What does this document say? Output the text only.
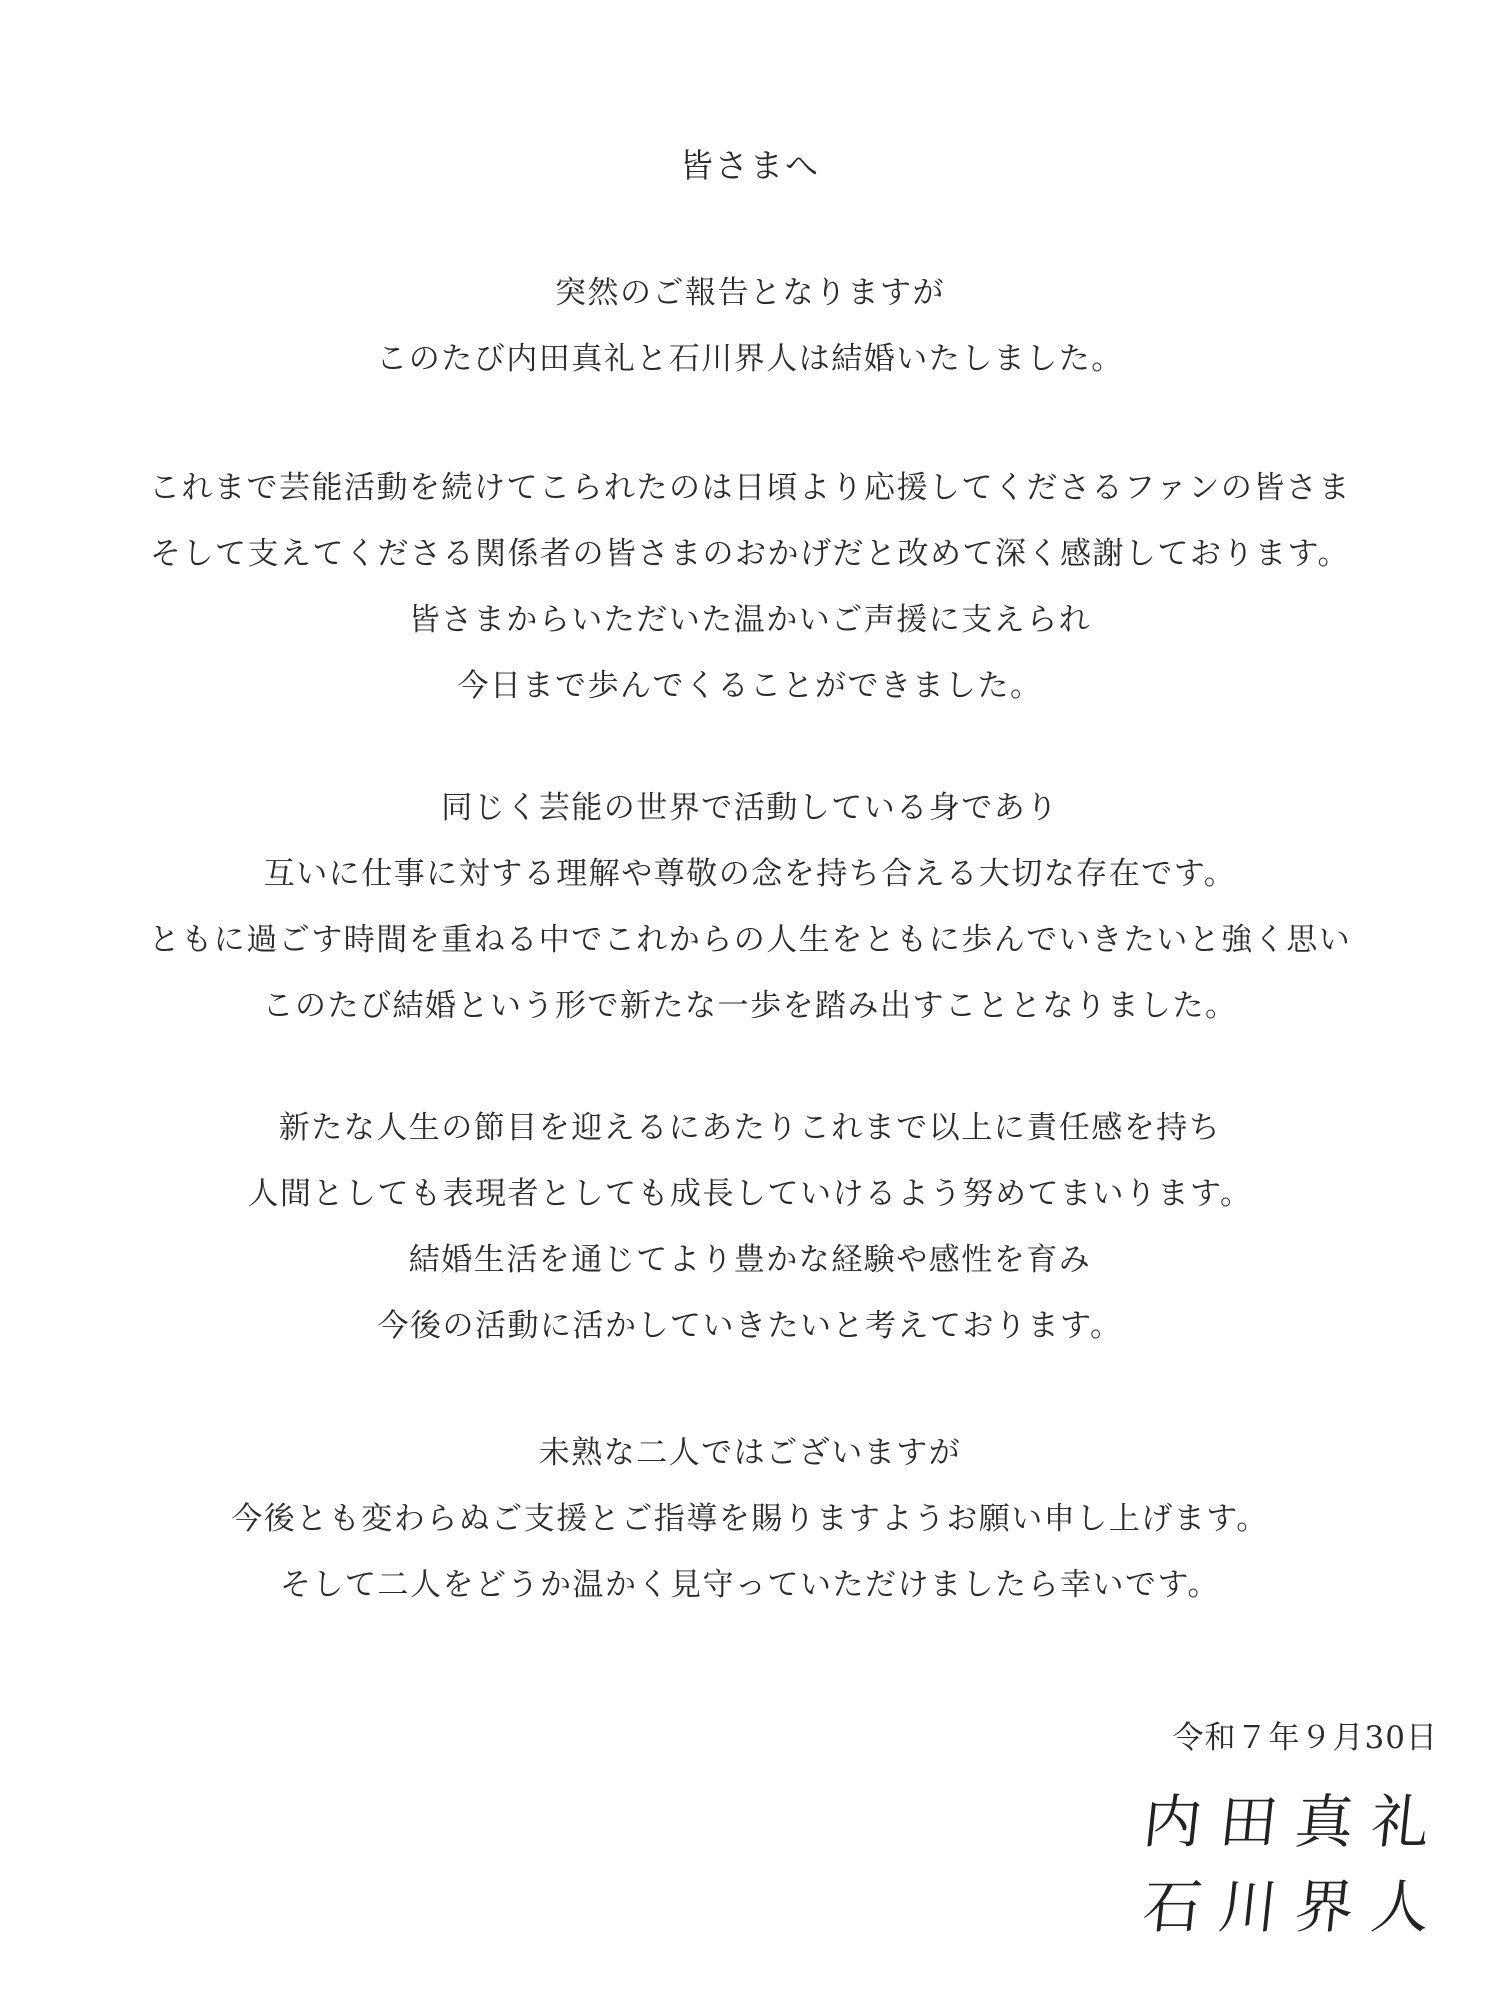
皆さまへ
突然のご報告となりますが
このたび内田真礼と石川界人は結婚いたしました。
これまで芸能活動を続けてこられたのは日頃より応援してくださるファンの皆さま
そして支えてくださる関係者の皆さまのおかげだと改めて深く感謝しております。
皆さまからいただいた温かいご声援に支えられ
今日まで歩んでくることができました。
同じく芸能の世界で活動している身であり
互いに仕事に対する理解や尊敬の念を持ち合える大切な存在です。
ともに過ごす時間を重ねる中でこれからの人生をともに歩んでいきたいと強く思い
このたび結婚という形で新たな一歩を踏み出すこととなりました。
新たな人生の節目を迎えるにあたりこれまで以上に責任感を持ち
人間としても表現者としても成長していけるよう努めてまいります。
結婚生活を通じてより豊かな経験や感性を育み
今後の活動に活かしていきたいと考えております。
未熟な二人ではございますが
今後とも変わらぬご支援とご指導を賜りますようお願い申し上げます。
そして二人をどうか温かく見守っていただけましたら幸いです。
令和７年９月30日
内田真礼
石川界人
